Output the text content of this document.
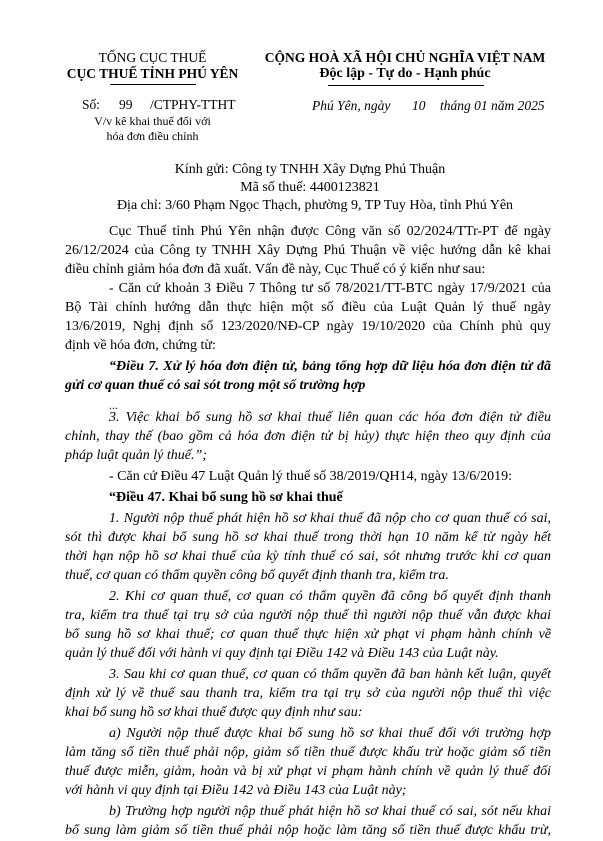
TỔNG CỤC THUẾ
CỤC THUẾ TỈNH PHÚ YÊN
CỘNG HOÀ XÃ HỘI CHỦ NGHĨA VIỆT NAM
Độc lập - Tự do - Hạnh phúc
Số: 99 /CTPHY-TTHT
V/v kê khai thuế đối với
hóa đơn điều chỉnh
Phú Yên, ngày 10 tháng 01 năm 2025
Kính gửi: Công ty TNHH Xây Dựng Phú Thuận
Mã số thuế: 4400123821
Địa chỉ: 3/60 Phạm Ngọc Thạch, phường 9, TP Tuy Hòa, tỉnh Phú Yên
Cục Thuế tỉnh Phú Yên nhận được Công văn số 02/2024/TTr-PT để ngày
26/12/2024 của Công ty TNHH Xây Dựng Phú Thuận về việc hướng dẫn kê khai
điều chỉnh giảm hóa đơn đã xuất. Vấn đề này, Cục Thuế có ý kiến như sau:
- Căn cứ khoản 3 Điều 7 Thông tư số 78/2021/TT-BTC ngày 17/9/2021 của
Bộ Tài chính hướng dẫn thực hiện một số điều của Luật Quản lý thuế ngày
13/6/2019, Nghị định số 123/2020/NĐ-CP ngày 19/10/2020 của Chính phủ quy
định về hóa đơn, chứng từ:
“Điều 7. Xử lý hóa đơn điện tử, bảng tổng hợp dữ liệu hóa đơn điện tử đã
gửi cơ quan thuế có sai sót trong một số trường hợp
...
3. Việc khai bổ sung hồ sơ khai thuế liên quan các hóa đơn điện tử điều
chỉnh, thay thế (bao gồm cả hóa đơn điện tử bị hủy) thực hiện theo quy định của
pháp luật quản lý thuế.”;
- Căn cứ Điều 47 Luật Quản lý thuế số 38/2019/QH14, ngày 13/6/2019:
“Điều 47. Khai bổ sung hồ sơ khai thuế
1. Người nộp thuế phát hiện hồ sơ khai thuế đã nộp cho cơ quan thuế có sai,
sót thì được khai bổ sung hồ sơ khai thuế trong thời hạn 10 năm kể từ ngày hết
thời hạn nộp hồ sơ khai thuế của kỳ tính thuế có sai, sót nhưng trước khi cơ quan
thuế, cơ quan có thẩm quyền công bố quyết định thanh tra, kiểm tra.
2. Khi cơ quan thuế, cơ quan có thẩm quyền đã công bố quyết định thanh
tra, kiểm tra thuế tại trụ sở của người nộp thuế thì người nộp thuế vẫn được khai
bổ sung hồ sơ khai thuế; cơ quan thuế thực hiện xử phạt vi phạm hành chính về
quản lý thuế đối với hành vi quy định tại Điều 142 và Điều 143 của Luật này.
3. Sau khi cơ quan thuế, cơ quan có thẩm quyền đã ban hành kết luận, quyết
định xử lý về thuế sau thanh tra, kiểm tra tại trụ sở của người nộp thuế thì việc
khai bổ sung hồ sơ khai thuế được quy định như sau:
a) Người nộp thuế được khai bổ sung hồ sơ khai thuế đối với trường hợp
làm tăng số tiền thuế phải nộp, giảm số tiền thuế được khấu trừ hoặc giảm số tiền
thuế được miễn, giảm, hoàn và bị xử phạt vi phạm hành chính về quản lý thuế đối
với hành vi quy định tại Điều 142 và Điều 143 của Luật này;
b) Trường hợp người nộp thuế phát hiện hồ sơ khai thuế có sai, sót nếu khai
bổ sung làm giảm số tiền thuế phải nộp hoặc làm tăng số tiền thuế được khấu trừ,
